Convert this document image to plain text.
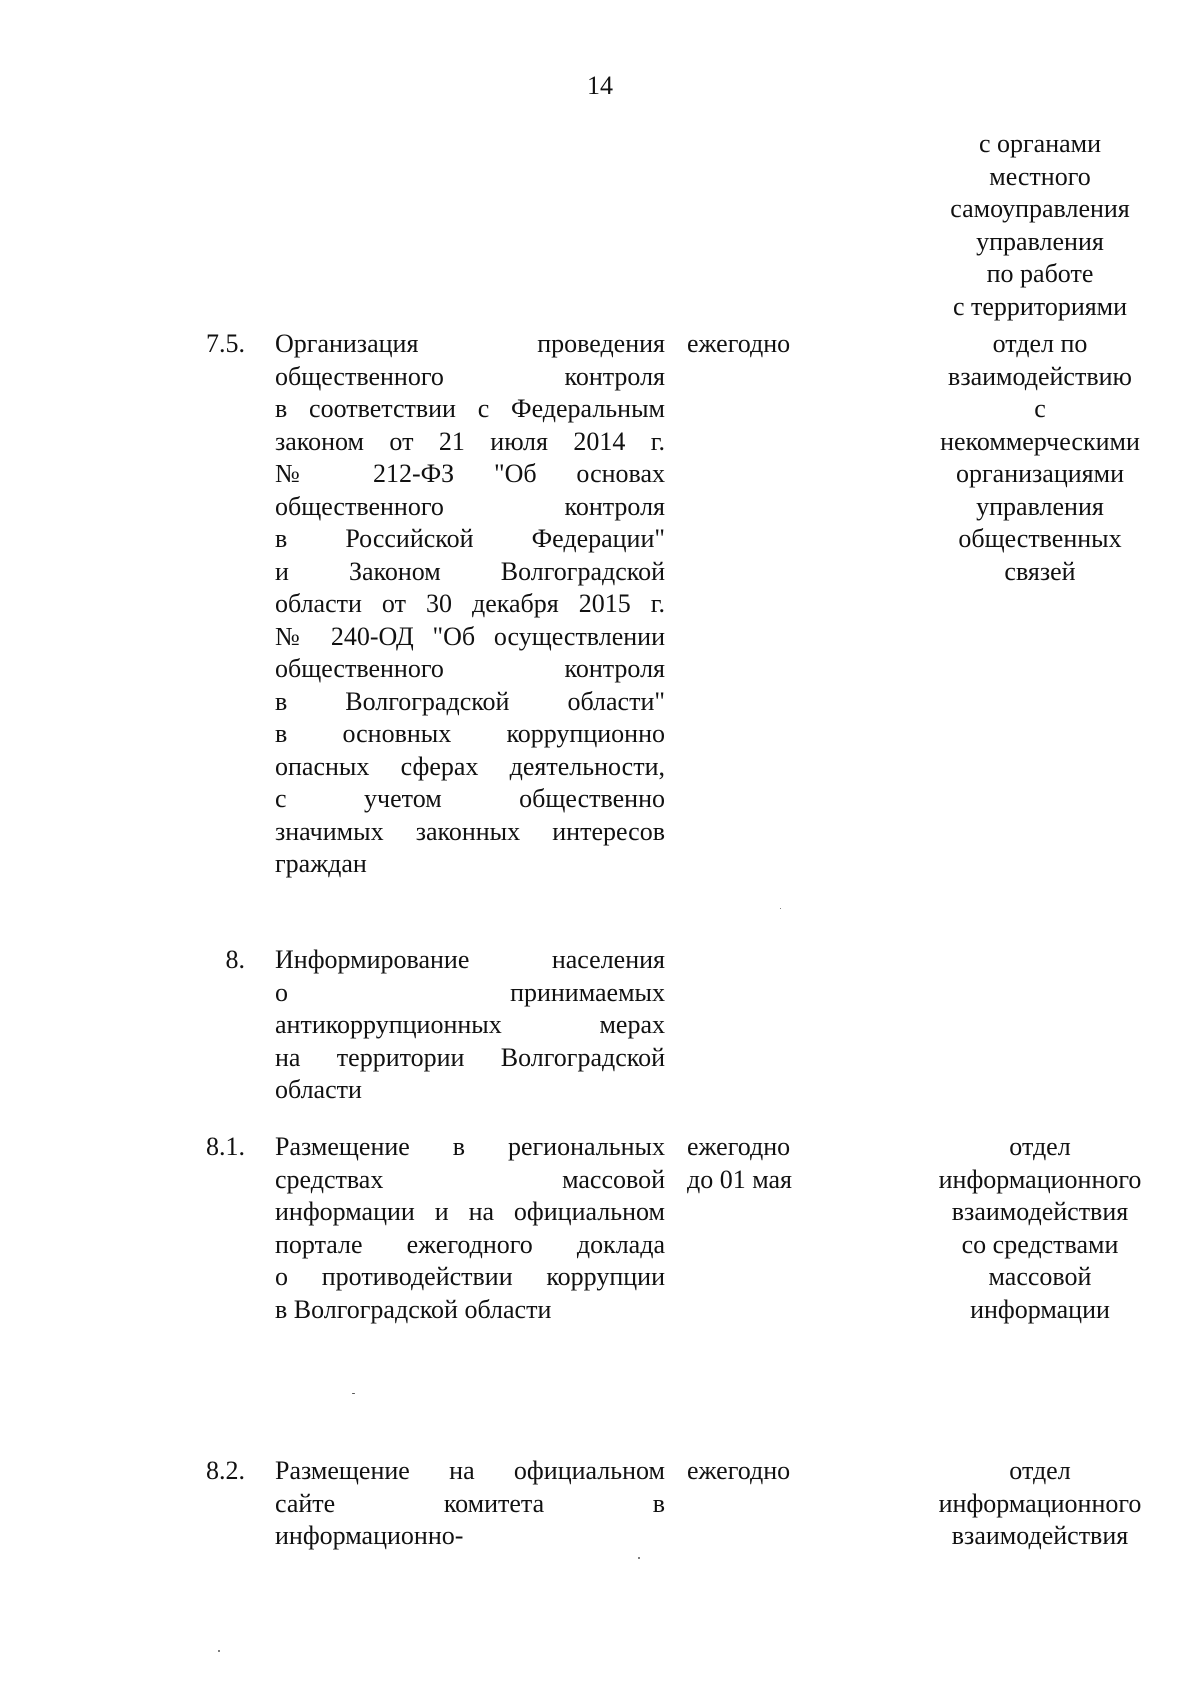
14
с органами
местного
самоуправления
управления
по работе
с территориями
7.5. Организация проведения
общественного контроля
в соответствии с Федеральным
законом от 21 июля 2014 г.
№ 212-ФЗ "Об основах
общественного контроля
в Российской Федерации"
и Законом Волгоградской
области от 30 декабря 2015 г.
№ 240-ОД "Об осуществлении
общественного контроля
в Волгоградской области"
в основных коррупционно
опасных сферах деятельности,
с учетом общественно
значимых законных интересов
граждан
ежегодно	отдел по
взаимодействию
с
некоммерческими
организациями
управления
общественных
связей
8. Информирование населения
о принимаемых
антикоррупционных мерах
на территории Волгоградской
области
8.1. Размещение в региональных
средствах массовой
информации и на официальном
портале ежегодного доклада
о противодействии коррупции
в Волгоградской области
ежегодно
до 01 мая
отдел
информационного
взаимодействия
со средствами
массовой
информации
8.2. Размещение на официальном
сайте комитета в
информационно-
ежегодно	отдел
информационного
взаимодействия
